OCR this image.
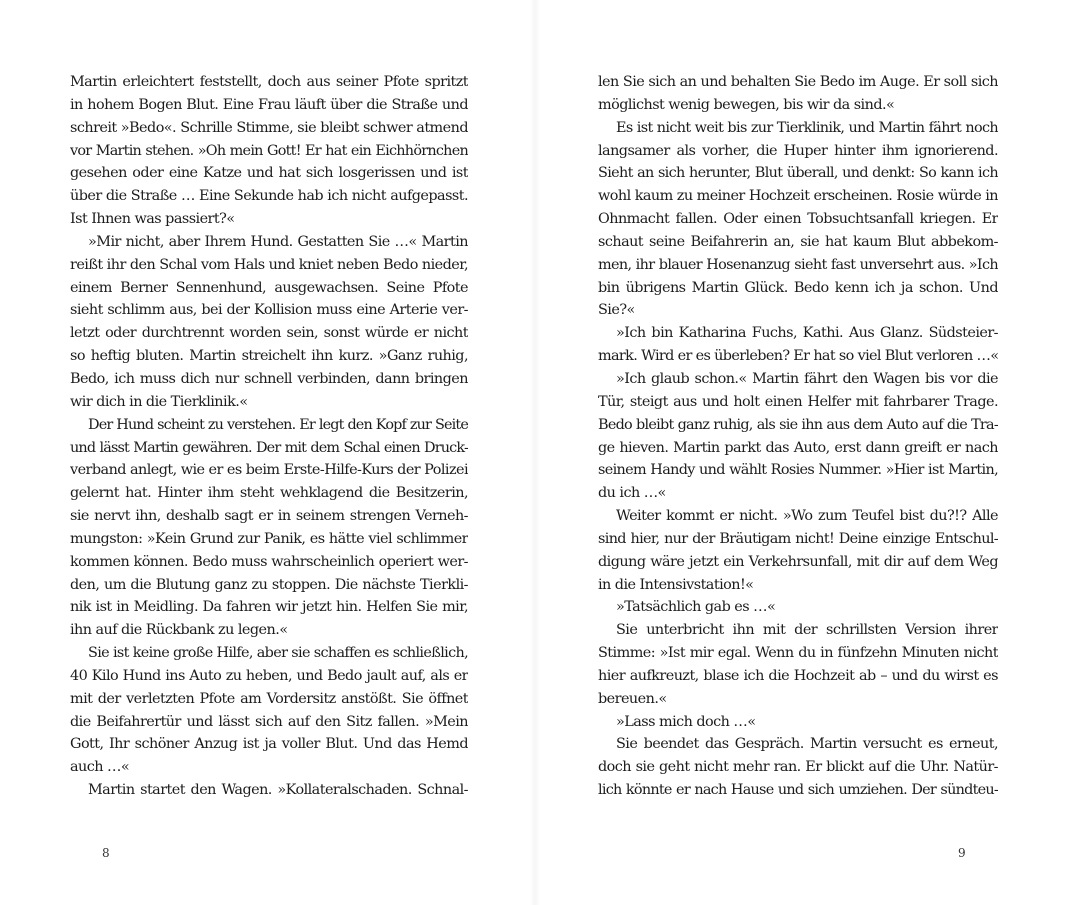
Martin erleichtert feststellt, doch aus seiner Pfote spritzt
in hohem Bogen Blut. Eine Frau läuft über die Straße und
schreit »Bedo«. Schrille Stimme, sie bleibt schwer atmend
vor Martin stehen. »Oh mein Gott! Er hat ein Eichhörnchen
gesehen oder eine Katze und hat sich losgerissen und ist
über die Straße … Eine Sekunde hab ich nicht aufgepasst.
Ist Ihnen was passiert?«
»Mir nicht, aber Ihrem Hund. Gestatten Sie …« Martin
reißt ihr den Schal vom Hals und kniet neben Bedo nieder,
einem Berner Sennenhund, ausgewachsen. Seine Pfote
sieht schlimm aus, bei der Kollision muss eine Arterie ver-
letzt oder durchtrennt worden sein, sonst würde er nicht
so heftig bluten. Martin streichelt ihn kurz. »Ganz ruhig,
Bedo, ich muss dich nur schnell verbinden, dann bringen
wir dich in die Tierklinik.«
Der Hund scheint zu verstehen. Er legt den Kopf zur Seite
und lässt Martin gewähren. Der mit dem Schal einen Druck-
verband anlegt, wie er es beim Erste-Hilfe-Kurs der Polizei
gelernt hat. Hinter ihm steht wehklagend die Besitzerin,
sie nervt ihn, deshalb sagt er in seinem strengen Verneh-
mungston: »Kein Grund zur Panik, es hätte viel schlimmer
kommen können. Bedo muss wahrscheinlich operiert wer-
den, um die Blutung ganz zu stoppen. Die nächste Tierkli-
nik ist in Meidling. Da fahren wir jetzt hin. Helfen Sie mir,
ihn auf die Rückbank zu legen.«
Sie ist keine große Hilfe, aber sie schaffen es schließlich,
40 Kilo Hund ins Auto zu heben, und Bedo jault auf, als er
mit der verletzten Pfote am Vordersitz anstößt. Sie öffnet
die Beifahrertür und lässt sich auf den Sitz fallen. »Mein
Gott, Ihr schöner Anzug ist ja voller Blut. Und das Hemd
auch …«
Martin startet den Wagen. »Kollateralschaden. Schnal-
8
len Sie sich an und behalten Sie Bedo im Auge. Er soll sich
möglichst wenig bewegen, bis wir da sind.«
Es ist nicht weit bis zur Tierklinik, und Martin fährt noch
langsamer als vorher, die Huper hinter ihm ignorierend.
Sieht an sich herunter, Blut überall, und denkt: So kann ich
wohl kaum zu meiner Hochzeit erscheinen. Rosie würde in
Ohnmacht fallen. Oder einen Tobsuchtsanfall kriegen. Er
schaut seine Beifahrerin an, sie hat kaum Blut abbekom-
men, ihr blauer Hosenanzug sieht fast unversehrt aus. »Ich
bin übrigens Martin Glück. Bedo kenn ich ja schon. Und
Sie?«
»Ich bin Katharina Fuchs, Kathi. Aus Glanz. Südsteier-
mark. Wird er es überleben? Er hat so viel Blut verloren …«
»Ich glaub schon.« Martin fährt den Wagen bis vor die
Tür, steigt aus und holt einen Helfer mit fahrbarer Trage.
Bedo bleibt ganz ruhig, als sie ihn aus dem Auto auf die Tra-
ge hieven. Martin parkt das Auto, erst dann greift er nach
seinem Handy und wählt Rosies Nummer. »Hier ist Martin,
du ich …«
Weiter kommt er nicht. »Wo zum Teufel bist du?!? Alle
sind hier, nur der Bräutigam nicht! Deine einzige Entschul-
digung wäre jetzt ein Verkehrsunfall, mit dir auf dem Weg
in die Intensivstation!«
»Tatsächlich gab es …«
Sie unterbricht ihn mit der schrillsten Version ihrer
Stimme: »Ist mir egal. Wenn du in fünfzehn Minuten nicht
hier aufkreuzt, blase ich die Hochzeit ab – und du wirst es
bereuen.«
»Lass mich doch …«
Sie beendet das Gespräch. Martin versucht es erneut,
doch sie geht nicht mehr ran. Er blickt auf die Uhr. Natür-
lich könnte er nach Hause und sich umziehen. Der sündteu-
9
